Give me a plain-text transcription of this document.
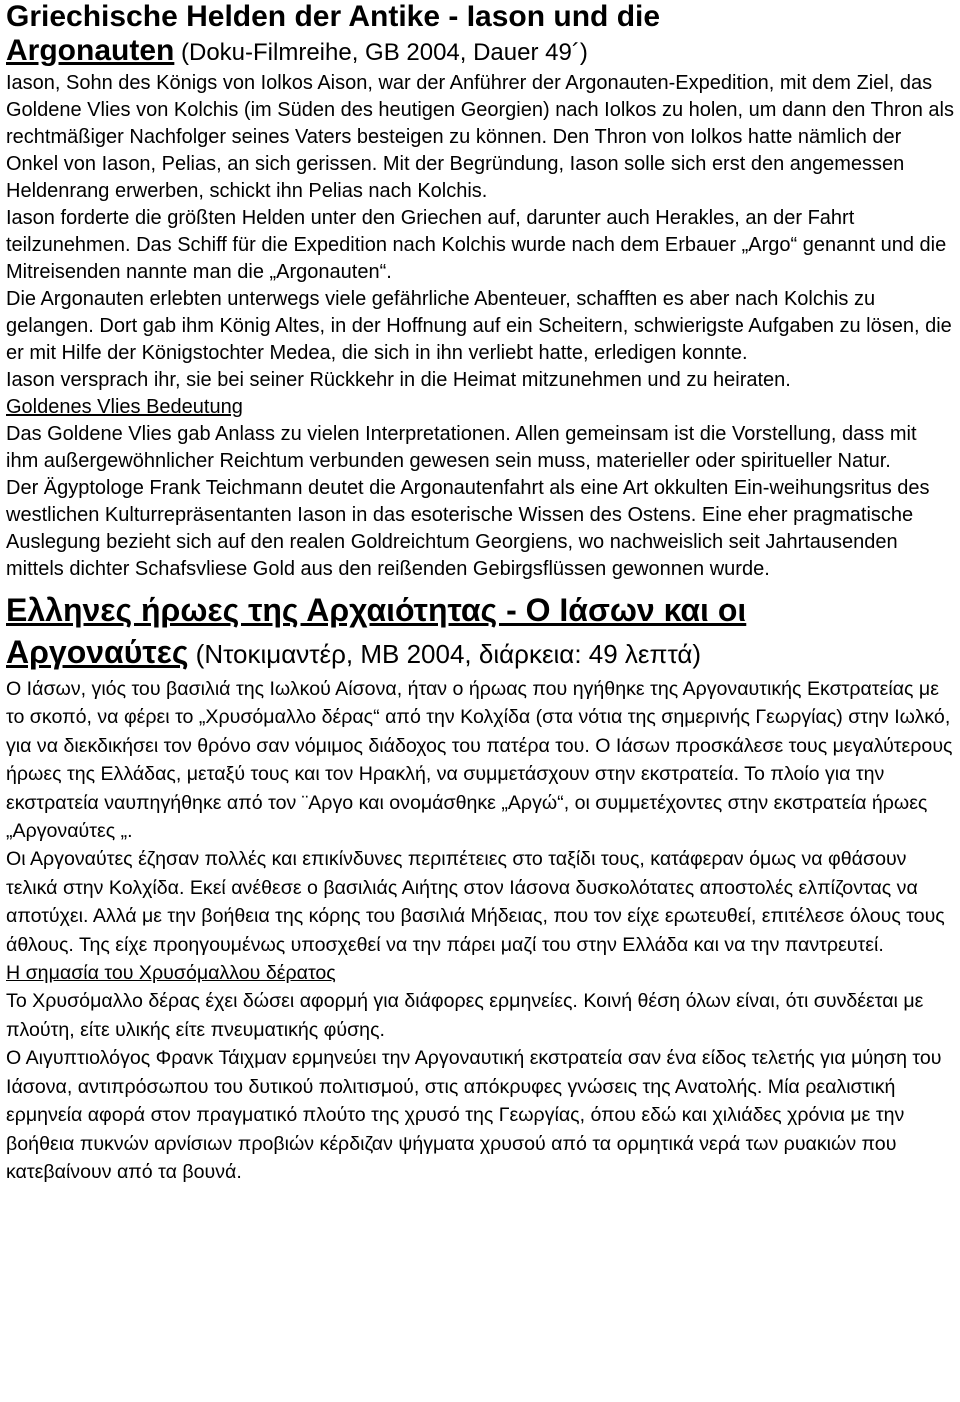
Griechische Helden der Antike - Iason und die
Argonauten (Doku-Filmreihe, GB 2004, Dauer 49´)

Iason, Sohn des Königs von Iolkos Aison, war der Anführer der Argonauten-Expedition, mit dem Ziel, das Goldene Vlies von Kolchis (im Süden des heutigen Georgien) nach Iolkos zu holen, um dann den Thron als rechtmäßiger Nachfolger seines Vaters besteigen zu können. Den Thron von Iolkos hatte nämlich der Onkel von Iason, Pelias, an sich gerissen. Mit der Begründung, Iason solle sich erst den angemessen Heldenrang erwerben, schickt ihn Pelias nach Kolchis.

Iason forderte die größten Helden unter den Griechen auf, darunter auch Herakles, an der Fahrt teilzunehmen. Das Schiff für die Expedition nach Kolchis wurde nach dem Erbauer „Argo“ genannt und die Mitreisenden nannte man die „Argonauten“.

Die Argonauten erlebten unterwegs viele gefährliche Abenteuer, schafften es aber nach Kolchis zu gelangen. Dort gab ihm König Altes, in der Hoffnung auf ein Scheitern, schwierigste Aufgaben zu lösen, die er mit Hilfe der Königstochter Medea, die sich in ihn verliebt hatte, erledigen konnte.

Iason versprach ihr, sie bei seiner Rückkehr in die Heimat mitzunehmen und zu heiraten.

Goldenes Vlies Bedeutung

Das Goldene Vlies gab Anlass zu vielen Interpretationen. Allen gemeinsam ist die Vorstellung, dass mit ihm außergewöhnlicher Reichtum verbunden gewesen sein muss, materieller oder spiritueller Natur.

Der Ägyptologe Frank Teichmann deutet die Argonautenfahrt als eine Art okkulten Ein-weihungsritus des westlichen Kulturrepräsentanten Iason in das esoterische Wissen des Ostens. Eine eher pragmatische Auslegung bezieht sich auf den realen Goldreichtum Georgiens, wo nachweislich seit Jahrtausenden mittels dichter Schafsvliese Gold aus den reißenden Gebirgsflüssen gewonnen wurde.

Ελληνες ήρωες της Αρχαιότητας - Ο Ιάσων και οι
Αργοναύτες (Ντοκιμαντέρ, ΜΒ 2004, διάρκεια: 49 λεπτά)

Ο Ιάσων, γιός του βασιλιά της Ιωλκού Αίσονα, ήταν ο ήρωας που ηγήθηκε της Αργοναυτικής Εκστρατείας με το σκοπό, να φέρει το „Χρυσόμαλλο δέρας“ από την Κολχίδα (στα νότια της σημερινής Γεωργίας) στην Ιωλκό, για να διεκδικήσει τον θρόνο σαν νόμιμος διάδοχος του πατέρα του. Ο Ιάσων προσκάλεσε τους μεγαλύτερους ήρωες της Ελλάδας, μεταξύ τους και τον Ηρακλή, να συμμετάσχουν στην εκστρατεία. Το πλοίο για την εκστρατεία ναυπηγήθηκε από τον ¨Αργο και ονομάσθηκε „Αργώ“, οι συμμετέχοντες στην εκστρατεία ήρωες „Αργοναύτες „.

Οι Αργοναύτες έζησαν πολλές και επικίνδυνες περιπέτειες στο ταξίδι τους, κατάφεραν όμως να φθάσουν τελικά στην Κολχίδα. Εκεί ανέθεσε ο βασιλιάς Αιήτης στον Ιάσονα δυσκολότατες αποστολές ελπίζοντας να αποτύχει. Αλλά με την βοήθεια της κόρης του βασιλιά Μήδειας, που τον είχε ερωτευθεί, επιτέλεσε όλους τους άθλους. Της είχε προηγουμένως υποσχεθεί να την πάρει μαζί του στην Ελλάδα και να την παντρευτεί.

Η σημασία του Χρυσόμαλλου δέρατος

Το Χρυσόμαλλο δέρας έχει δώσει αφορμή για διάφορες ερμηνείες. Κοινή θέση όλων είναι, ότι συνδέεται με πλούτη, είτε υλικής είτε πνευματικής φύσης.

Ο Αιγυπτιολόγος Φρανκ Τάιχμαν ερμηνεύει την Αργοναυτική εκστρατεία σαν ένα είδος τελετής για μύηση του Ιάσονα, αντιπρόσωπου του δυτικού πολιτισμού, στις απόκρυφες γνώσεις της Ανατολής. Μία ρεαλιστική ερμηνεία αφορά στον πραγματικό πλούτο της χρυσό της Γεωργίας, όπου εδώ και χιλιάδες χρόνια με την βοήθεια πυκνών αρνίσιων προβιών κέρδιζαν ψήγματα χρυσού από τα ορμητικά νερά των ρυακιών που κατεβαίνουν από τα βουνά.
